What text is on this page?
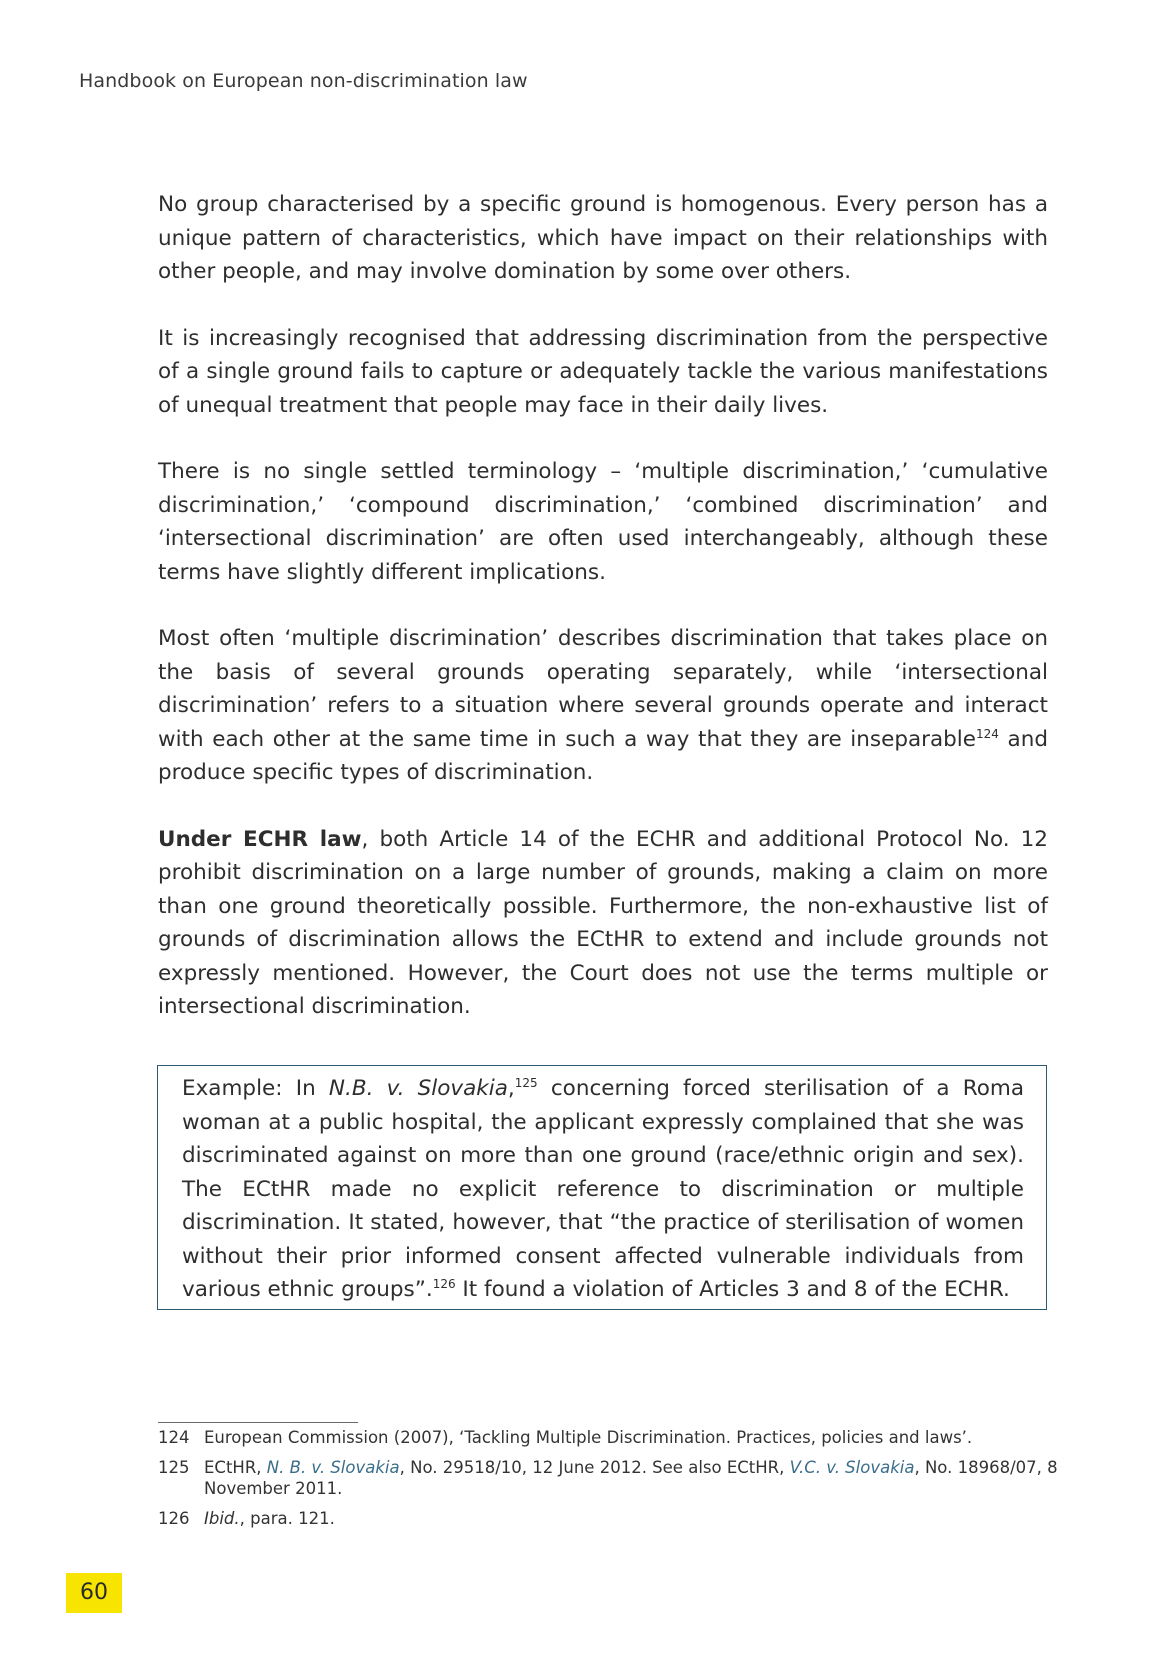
Handbook on European non-discrimination law

No group characterised by a specific ground is homogenous. Every person has a unique pattern of characteristics, which have impact on their relationships with other people, and may involve domination by some over others.

It is increasingly recognised that addressing discrimination from the perspective of a single ground fails to capture or adequately tackle the various manifestations of unequal treatment that people may face in their daily lives.

There is no single settled terminology – ‘multiple discrimination,’ ‘cumulative discrimination,’ ‘compound discrimination,’ ‘combined discrimination’ and ‘intersectional discrimination’ are often used interchangeably, although these terms have slightly different implications.

Most often ‘multiple discrimination’ describes discrimination that takes place on the basis of several grounds operating separately, while ‘intersectional discrimination’ refers to a situation where several grounds operate and interact with each other at the same time in such a way that they are inseparable$^{124}$ and produce specific types of discrimination.

Under ECHR law, both Article 14 of the ECHR and additional Protocol No. 12 prohibit discrimination on a large number of grounds, making a claim on more than one ground theoretically possible. Furthermore, the non-exhaustive list of grounds of discrimination allows the ECtHR to extend and include grounds not expressly mentioned. However, the Court does not use the terms multiple or intersectional discrimination.

Example: In N.B. v. Slovakia,$^{125}$ concerning forced sterilisation of a Roma woman at a public hospital, the applicant expressly complained that she was discriminated against on more than one ground (race/ethnic origin and sex). The ECtHR made no explicit reference to discrimination or multiple discrimination. It stated, however, that “the practice of sterilisation of women without their prior informed consent affected vulnerable individuals from various ethnic groups”.$^{126}$ It found a violation of Articles 3 and 8 of the ECHR.
124 European Commission (2007), ‘Tackling Multiple Discrimination. Practices, policies and laws’.
125 ECtHR, N. B. v. Slovakia, No. 29518/10, 12 June 2012. See also ECtHR, V.C. v. Slovakia, No. 18968/07, 8 November 2011.
126 Ibid., para. 121.
60
